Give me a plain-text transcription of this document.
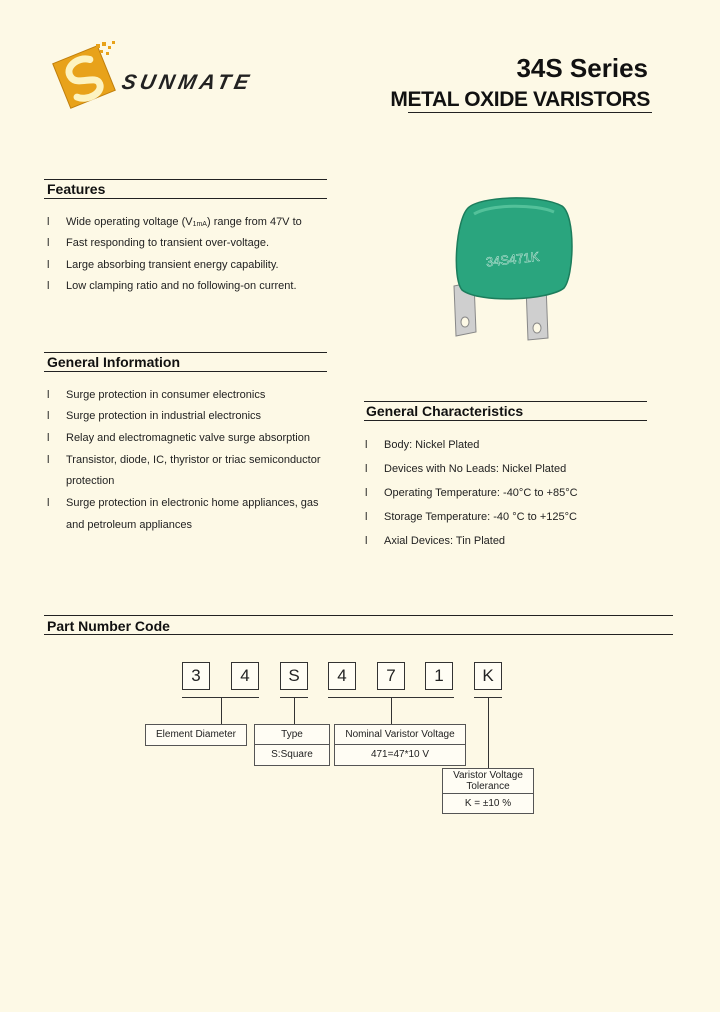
SUNMATE	34S Series
METAL OXIDE VARISTORS
Features
l	Wide operating voltage (V1mA) range from 47V to
l	Fast responding to transient over-voltage.
l	Large absorbing transient energy capability.
l	Low clamping ratio and no following-on current.
34S471K
General Information
l	Surge protection in consumer electronics
l	Surge protection in industrial electronics
l	Relay and electromagnetic valve surge absorption
l	Transistor, diode, IC, thyristor or triac semiconductor
protection
l	Surge protection in electronic home appliances, gas
and petroleum appliances
General Characteristics
l	Body: Nickel Plated
l	Devices with No Leads: Nickel Plated
l	Operating Temperature: -40°C to +85°C
l	Storage Temperature: -40 °C to +125°C
l	Axial Devices: Tin Plated
Part Number Code
3	4	S	4	7	1	K
Element Diameter	Type
S:Square
Nominal Varistor Voltage
471=47*10 V
Varistor Voltage
Tolerance
K = ±10 %
